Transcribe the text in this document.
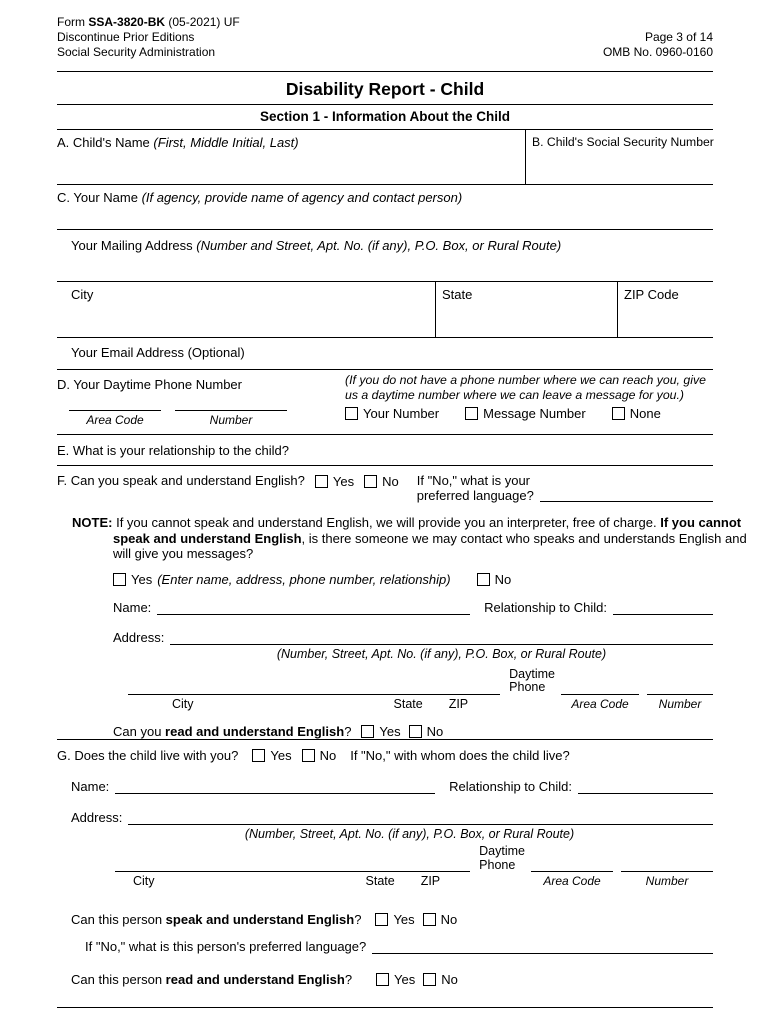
Form SSA-3820-BK (05-2021) UF
Discontinue Prior Editions	Page 3 of 14
Social Security Administration	OMB No. 0960-0160
Disability Report - Child
Section 1 - Information About the Child
A. Child's Name (First, Middle Initial, Last)	B. Child's Social Security Number
C. Your Name (If agency, provide name of agency and contact person)
Your Mailing Address (Number and Street, Apt. No. (if any), P.O. Box, or Rural Route)
City	State	ZIP Code
Your Email Address (Optional)
D. Your Daytime Phone Number	(If you do not have a phone number where we can reach you, give us a daytime number where we can leave a message for you.)
Area Code	Number	Your Number	Message Number	None
E. What is your relationship to the child?
F. Can you speak and understand English? Yes No If "No," what is your
preferred language?
NOTE: If you cannot speak and understand English, we will provide you an interpreter, free of charge. If you cannot speak and understand English, is there someone we may contact who speaks and understands English and will give you messages?
Yes (Enter name, address, phone number, relationship)	No
Name:	Relationship to Child:
Address:
(Number, Street, Apt. No. (if any), P.O. Box, or Rural Route)
City	State ZIP
Daytime
Phone
Area Code	Number
Can you read and understand English? Yes No
G. Does the child live with you? Yes No If "No," with whom does the child live?
Name:	Relationship to Child:
Address:
(Number, Street, Apt. No. (if any), P.O. Box, or Rural Route)
City	State ZIP
Daytime
Phone
Area Code	Number
Can this person speak and understand English? Yes No
If "No," what is this person's preferred language?
Can this person read and understand English?	Yes No
